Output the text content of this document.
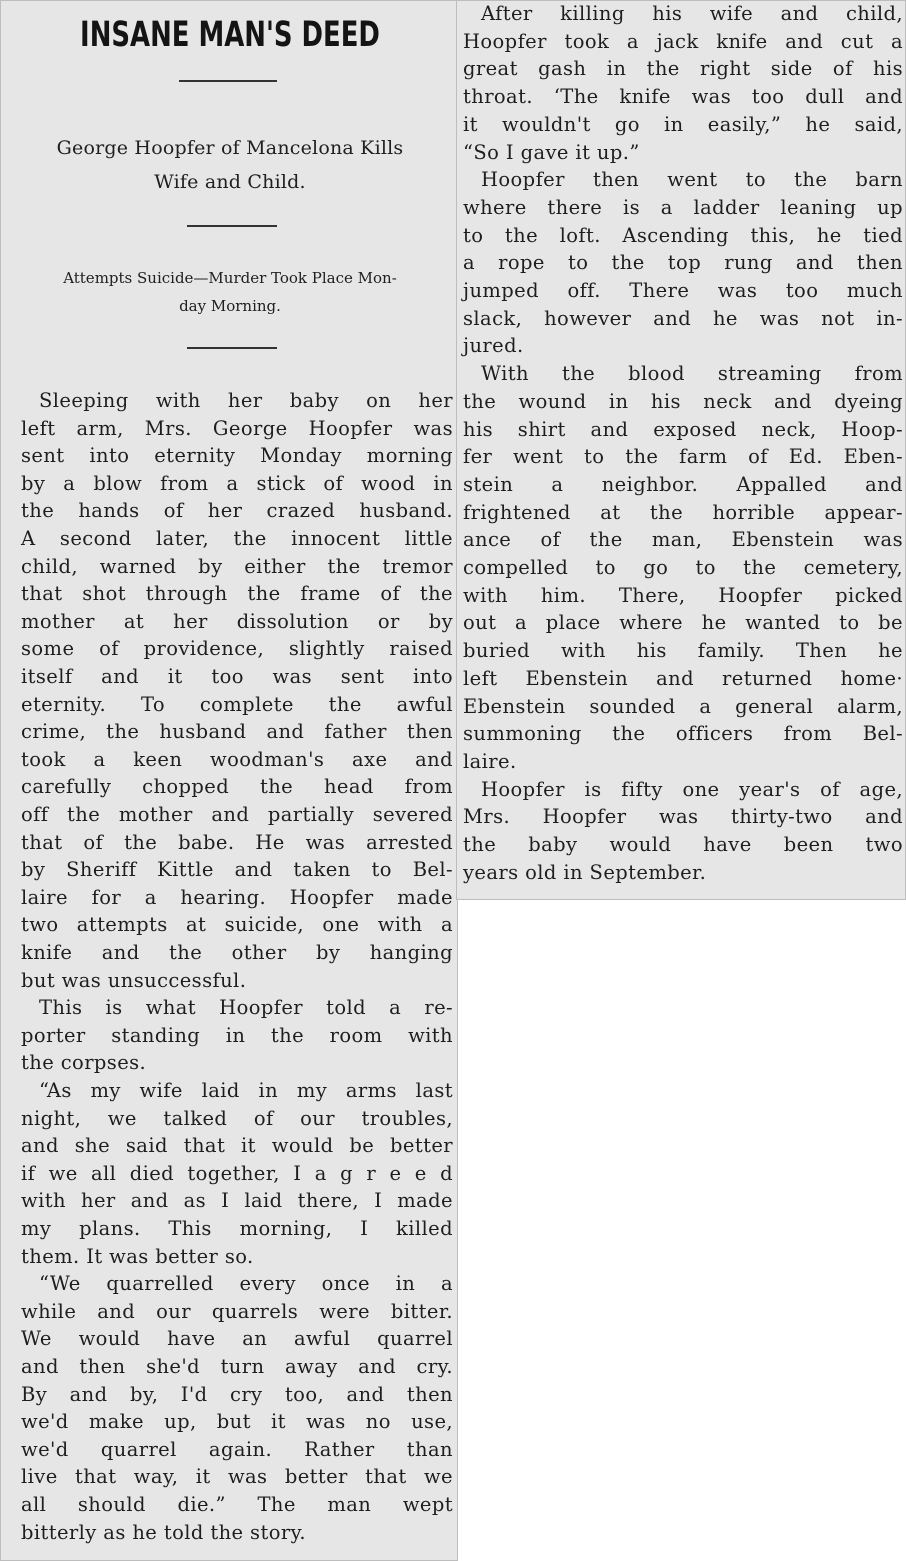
INSANE MAN'S DEED
George Hoopfer of Mancelona Kills
Wife and Child.
Attempts Suicide—Murder Took Place Mon-
day Morning.
Sleeping with her baby on her
left arm, Mrs. George Hoopfer was
sent into eternity Monday morning
by a blow from a stick of wood in
the hands of her crazed husband.
A second later, the innocent little
child, warned by either the tremor
that shot through the frame of the
mother at her dissolution or by
some of providence, slightly raised
itself and it too was sent into
eternity. To complete the awful
crime, the husband and father then
took a keen woodman's axe and
carefully chopped the head from
off the mother and partially severed
that of the babe. He was arrested
by Sheriff Kittle and taken to Bel-
laire for a hearing. Hoopfer made
two attempts at suicide, one with a
knife and the other by hanging
but was unsuccessful.
This is what Hoopfer told a re-
porter standing in the room with
the corpses.
“As my wife laid in my arms last
night, we talked of our troubles,
and she said that it would be better
if we all died together, I a g r e e d
with her and as I laid there, I made
my plans. This morning, I killed
them. It was better so.
“We quarrelled every once in a
while and our quarrels were bitter.
We would have an awful quarrel
and then she'd turn away and cry.
By and by, I'd cry too, and then
we'd make up, but it was no use,
we'd quarrel again. Rather than
live that way, it was better that we
all should die.” The man wept
bitterly as he told the story.
After killing his wife and child,
Hoopfer took a jack knife and cut a
great gash in the right side of his
throat. ‘The knife was too dull and
it wouldn't go in easily,” he said,
“So I gave it up.”
Hoopfer then went to the barn
where there is a ladder leaning up
to the loft. Ascending this, he tied
a rope to the top rung and then
jumped off. There was too much
slack, however and he was not in-
jured.
With the blood streaming from
the wound in his neck and dyeing
his shirt and exposed neck, Hoop-
fer went to the farm of Ed. Eben-
stein a neighbor. Appalled and
frightened at the horrible appear-
ance of the man, Ebenstein was
compelled to go to the cemetery,
with him. There, Hoopfer picked
out a place where he wanted to be
buried with his family. Then he
left Ebenstein and returned home·
Ebenstein sounded a general alarm,
summoning the officers from Bel-
laire.
Hoopfer is fifty one year's of age,
Mrs. Hoopfer was thirty-two and
the baby would have been two
years old in September.
